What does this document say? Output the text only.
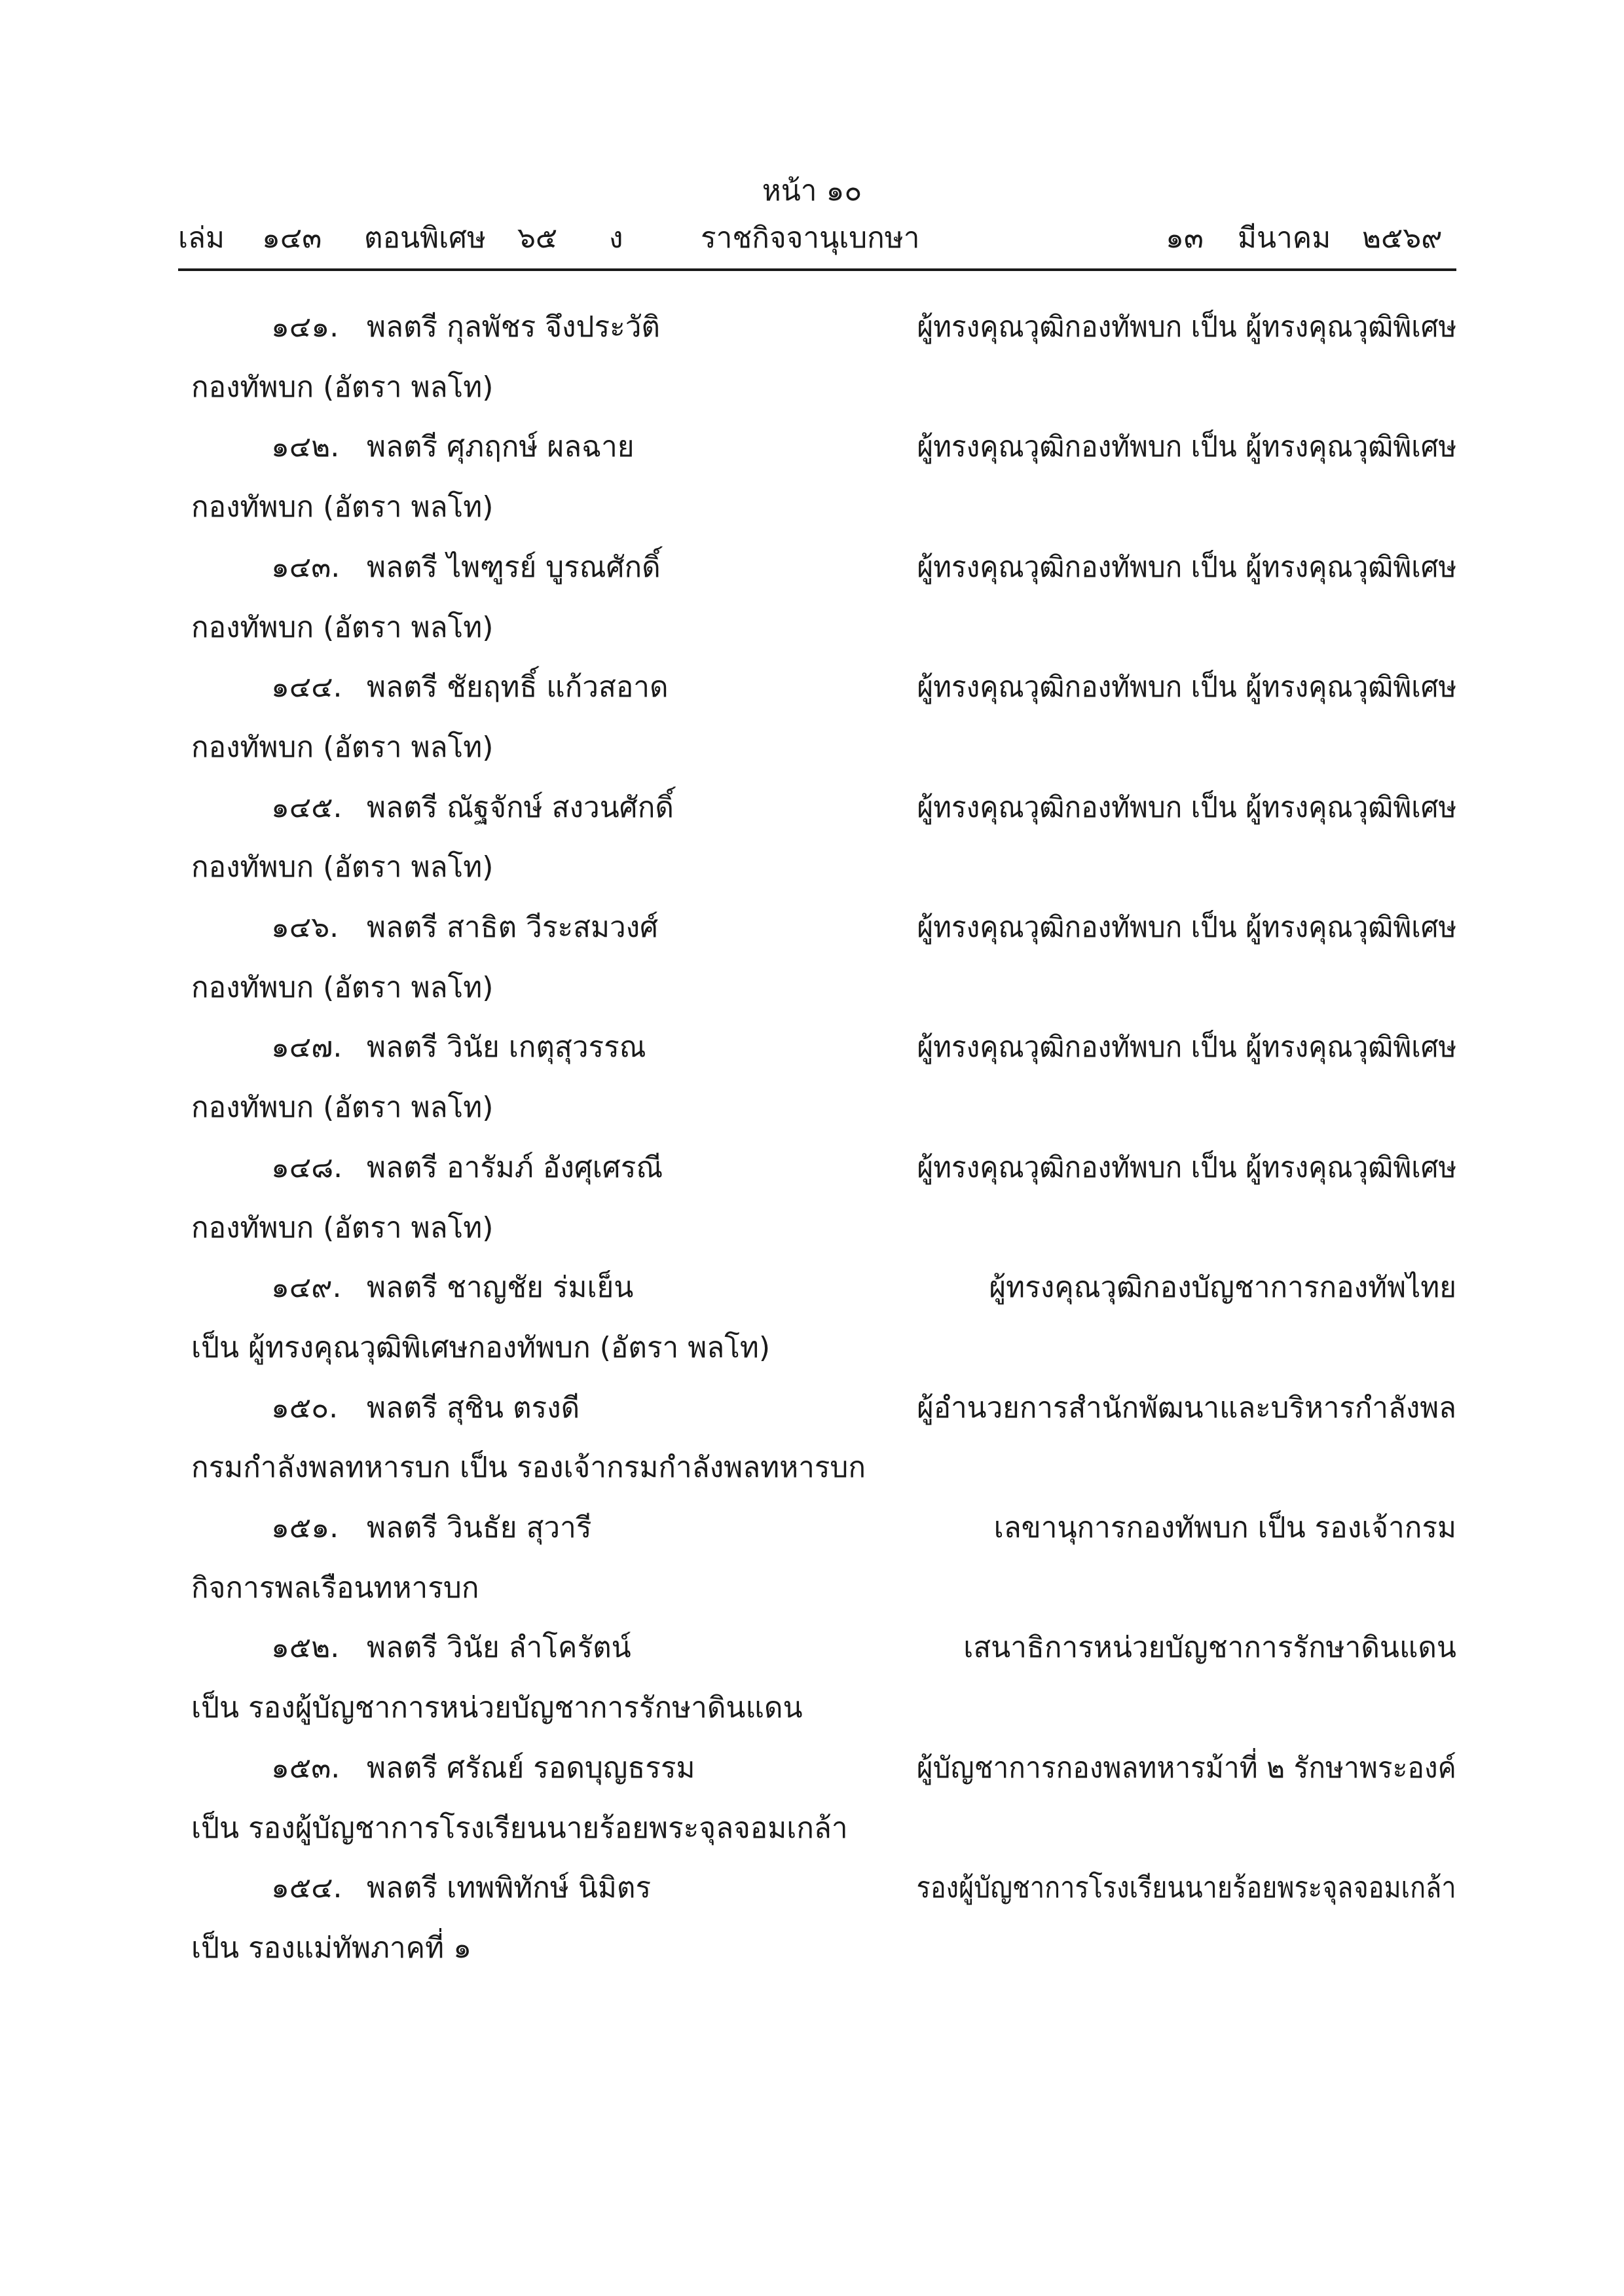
หน้า ๑๐
เล่ม ๑๔๓ ตอนพิเศษ ๖๕ ง	ราชกิจจานุเบกษา	๑๓ มีนาคม ๒๕๖๙
๑๔๑. พลตรี กุลพัชร จึงประวัติ	ผู้ทรงคุณวุฒิกองทัพบก เป็น ผู้ทรงคุณวุฒิพิเศษ
กองทัพบก (อัตรา พลโท)
๑๔๒. พลตรี ศุภฤกษ์ ผลฉาย	ผู้ทรงคุณวุฒิกองทัพบก เป็น ผู้ทรงคุณวุฒิพิเศษ
กองทัพบก (อัตรา พลโท)
๑๔๓. พลตรี ไพฑูรย์ บูรณศักดิ์	ผู้ทรงคุณวุฒิกองทัพบก เป็น ผู้ทรงคุณวุฒิพิเศษ
กองทัพบก (อัตรา พลโท)
๑๔๔. พลตรี ชัยฤทธิ์ แก้วสอาด	ผู้ทรงคุณวุฒิกองทัพบก เป็น ผู้ทรงคุณวุฒิพิเศษ
กองทัพบก (อัตรา พลโท)
๑๔๕. พลตรี ณัฐจักษ์ สงวนศักดิ์	ผู้ทรงคุณวุฒิกองทัพบก เป็น ผู้ทรงคุณวุฒิพิเศษ
กองทัพบก (อัตรา พลโท)
๑๔๖. พลตรี สาธิต วีระสมวงศ์	ผู้ทรงคุณวุฒิกองทัพบก เป็น ผู้ทรงคุณวุฒิพิเศษ
กองทัพบก (อัตรา พลโท)
๑๔๗. พลตรี วินัย เกตุสุวรรณ	ผู้ทรงคุณวุฒิกองทัพบก เป็น ผู้ทรงคุณวุฒิพิเศษ
กองทัพบก (อัตรา พลโท)
๑๔๘. พลตรี อารัมภ์ อังศุเศรณี	ผู้ทรงคุณวุฒิกองทัพบก เป็น ผู้ทรงคุณวุฒิพิเศษ
กองทัพบก (อัตรา พลโท)
๑๔๙. พลตรี ชาญชัย ร่มเย็น	ผู้ทรงคุณวุฒิกองบัญชาการกองทัพไทย
เป็น ผู้ทรงคุณวุฒิพิเศษกองทัพบก (อัตรา พลโท)
๑๕๐. พลตรี สุชิน ตรงดี	ผู้อำนวยการสำนักพัฒนาและบริหารกำลังพล
กรมกำลังพลทหารบก เป็น รองเจ้ากรมกำลังพลทหารบก
๑๕๑. พลตรี วินธัย สุวารี	เลขานุการกองทัพบก เป็น รองเจ้ากรม
กิจการพลเรือนทหารบก
๑๕๒. พลตรี วินัย ลำโครัตน์	เสนาธิการหน่วยบัญชาการรักษาดินแดน
เป็น รองผู้บัญชาการหน่วยบัญชาการรักษาดินแดน
๑๕๓. พลตรี ศรัณย์ รอดบุญธรรม	ผู้บัญชาการกองพลทหารม้าที่ ๒ รักษาพระองค์
เป็น รองผู้บัญชาการโรงเรียนนายร้อยพระจุลจอมเกล้า
๑๕๔. พลตรี เทพพิทักษ์ นิมิตร	รองผู้บัญชาการโรงเรียนนายร้อยพระจุลจอมเกล้า
เป็น รองแม่ทัพภาคที่ ๑
